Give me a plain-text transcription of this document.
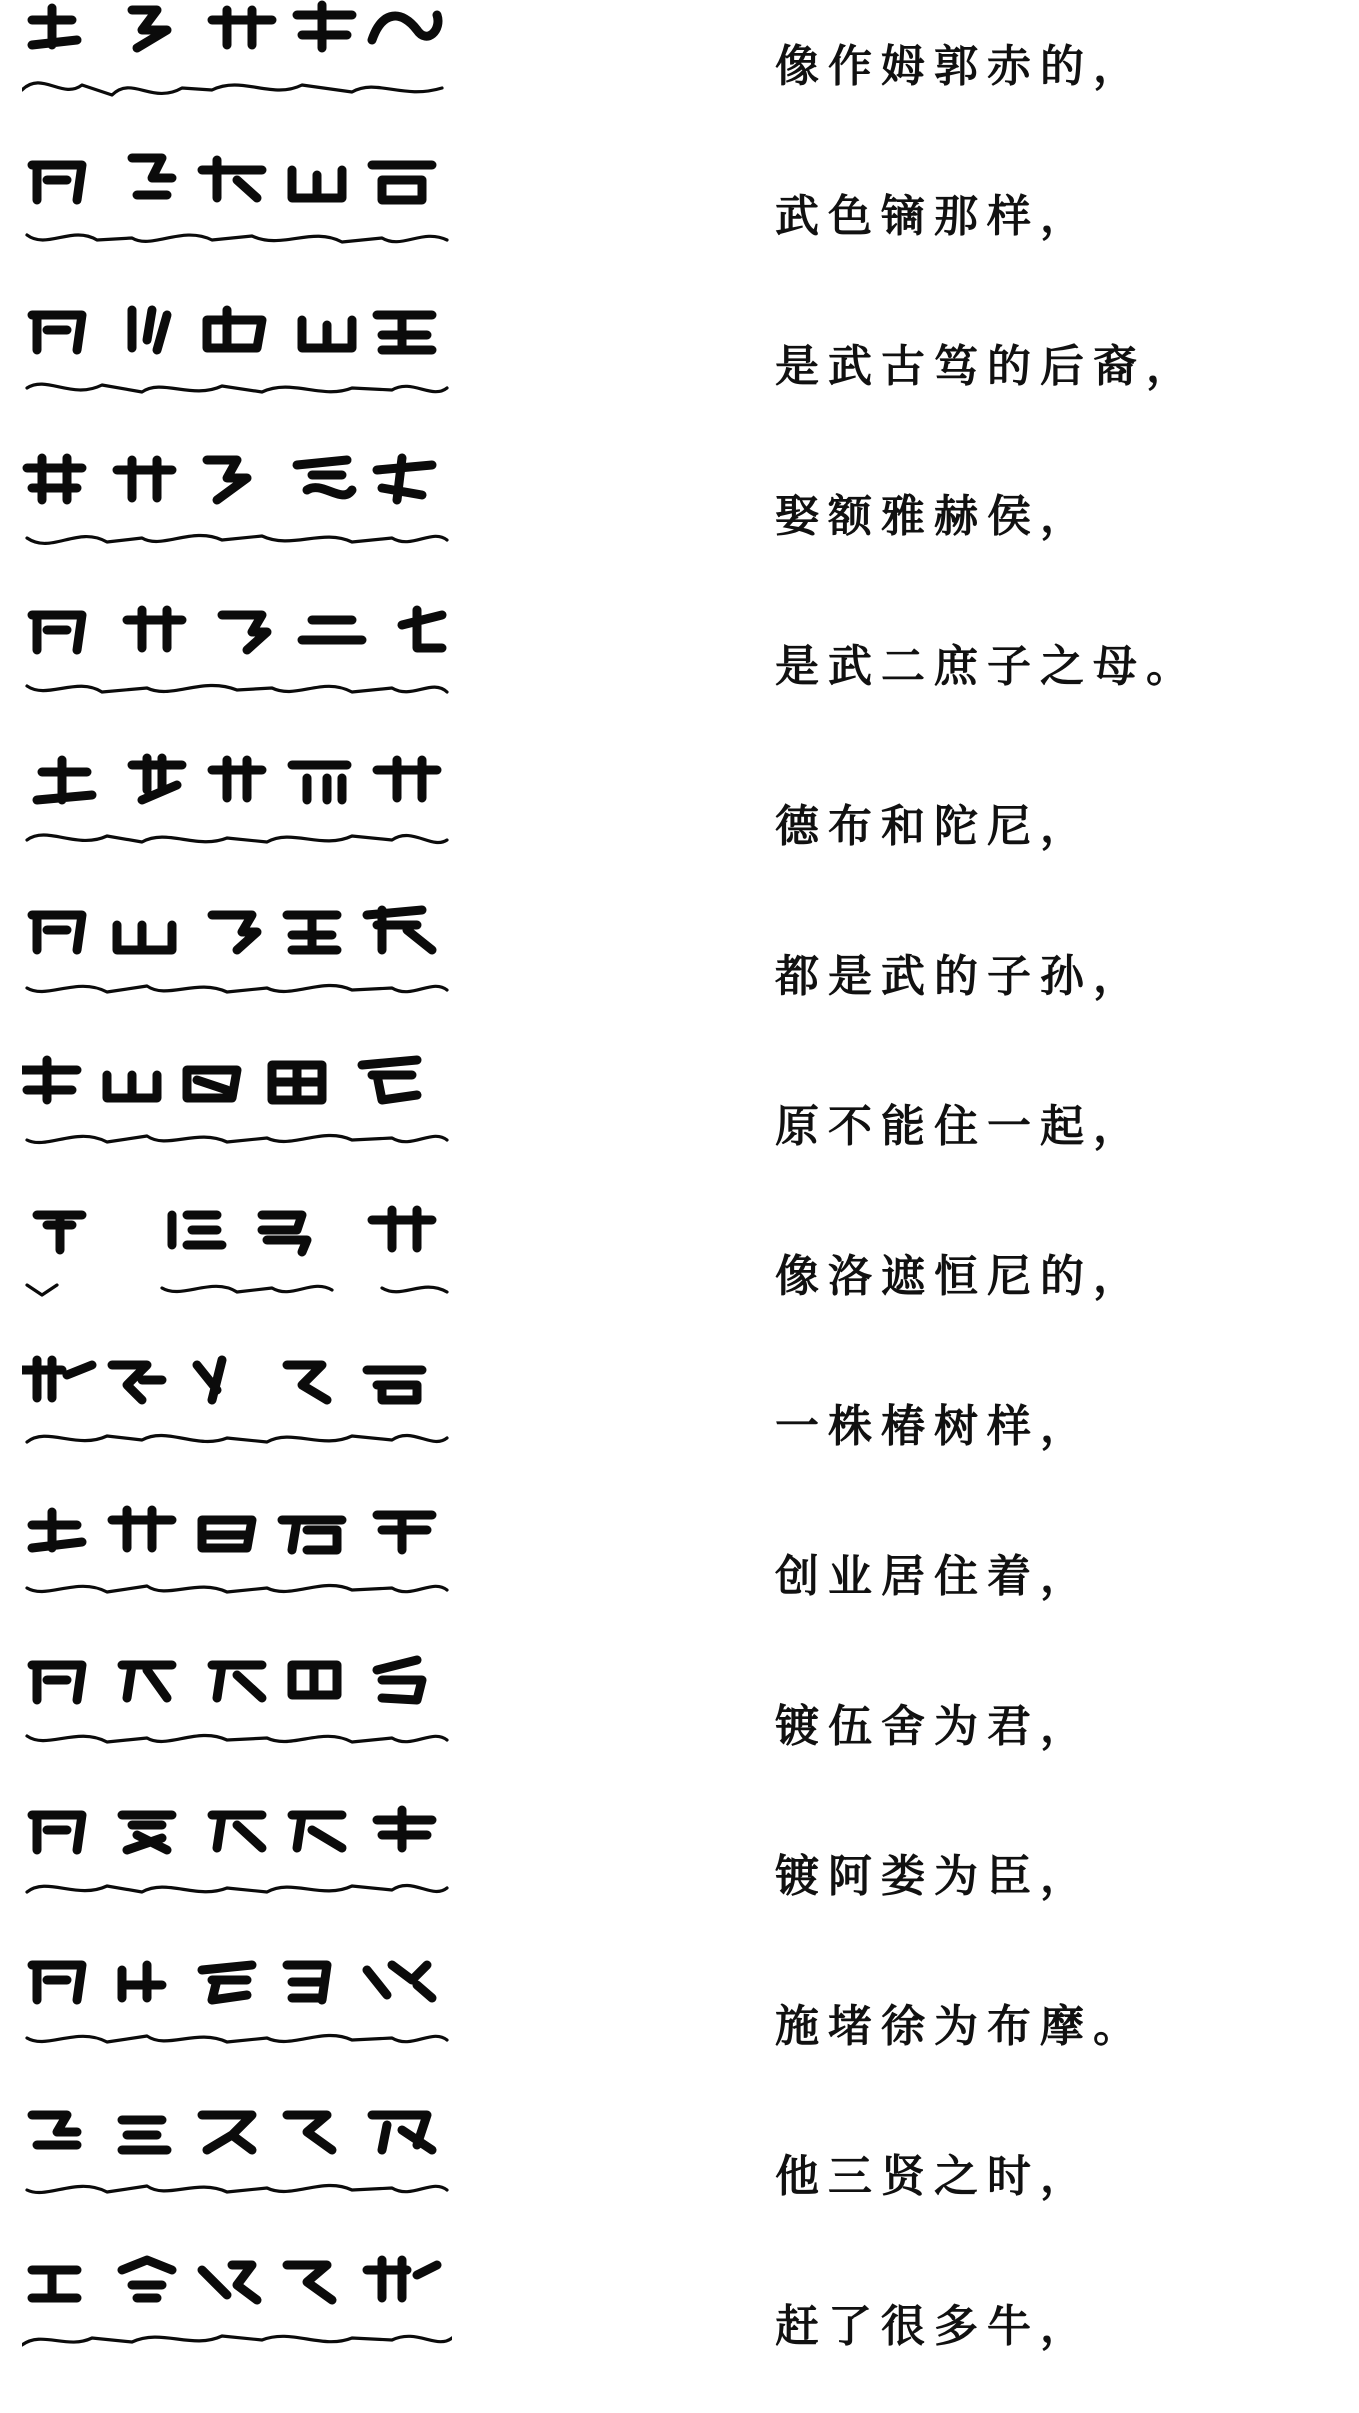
像作姆郭赤的，
武色镝那样，
是武古笃的后裔，
娶额雅赫侯，
是武二庶子之母。
德布和陀尼，
都是武的子孙，
原不能住一起，
像洛遮恒尼的，
一株椿树样，
创业居住着，
镀伍舍为君，
镀阿娄为臣，
施堵徐为布摩。
他三贤之时，
赶了很多牛，
